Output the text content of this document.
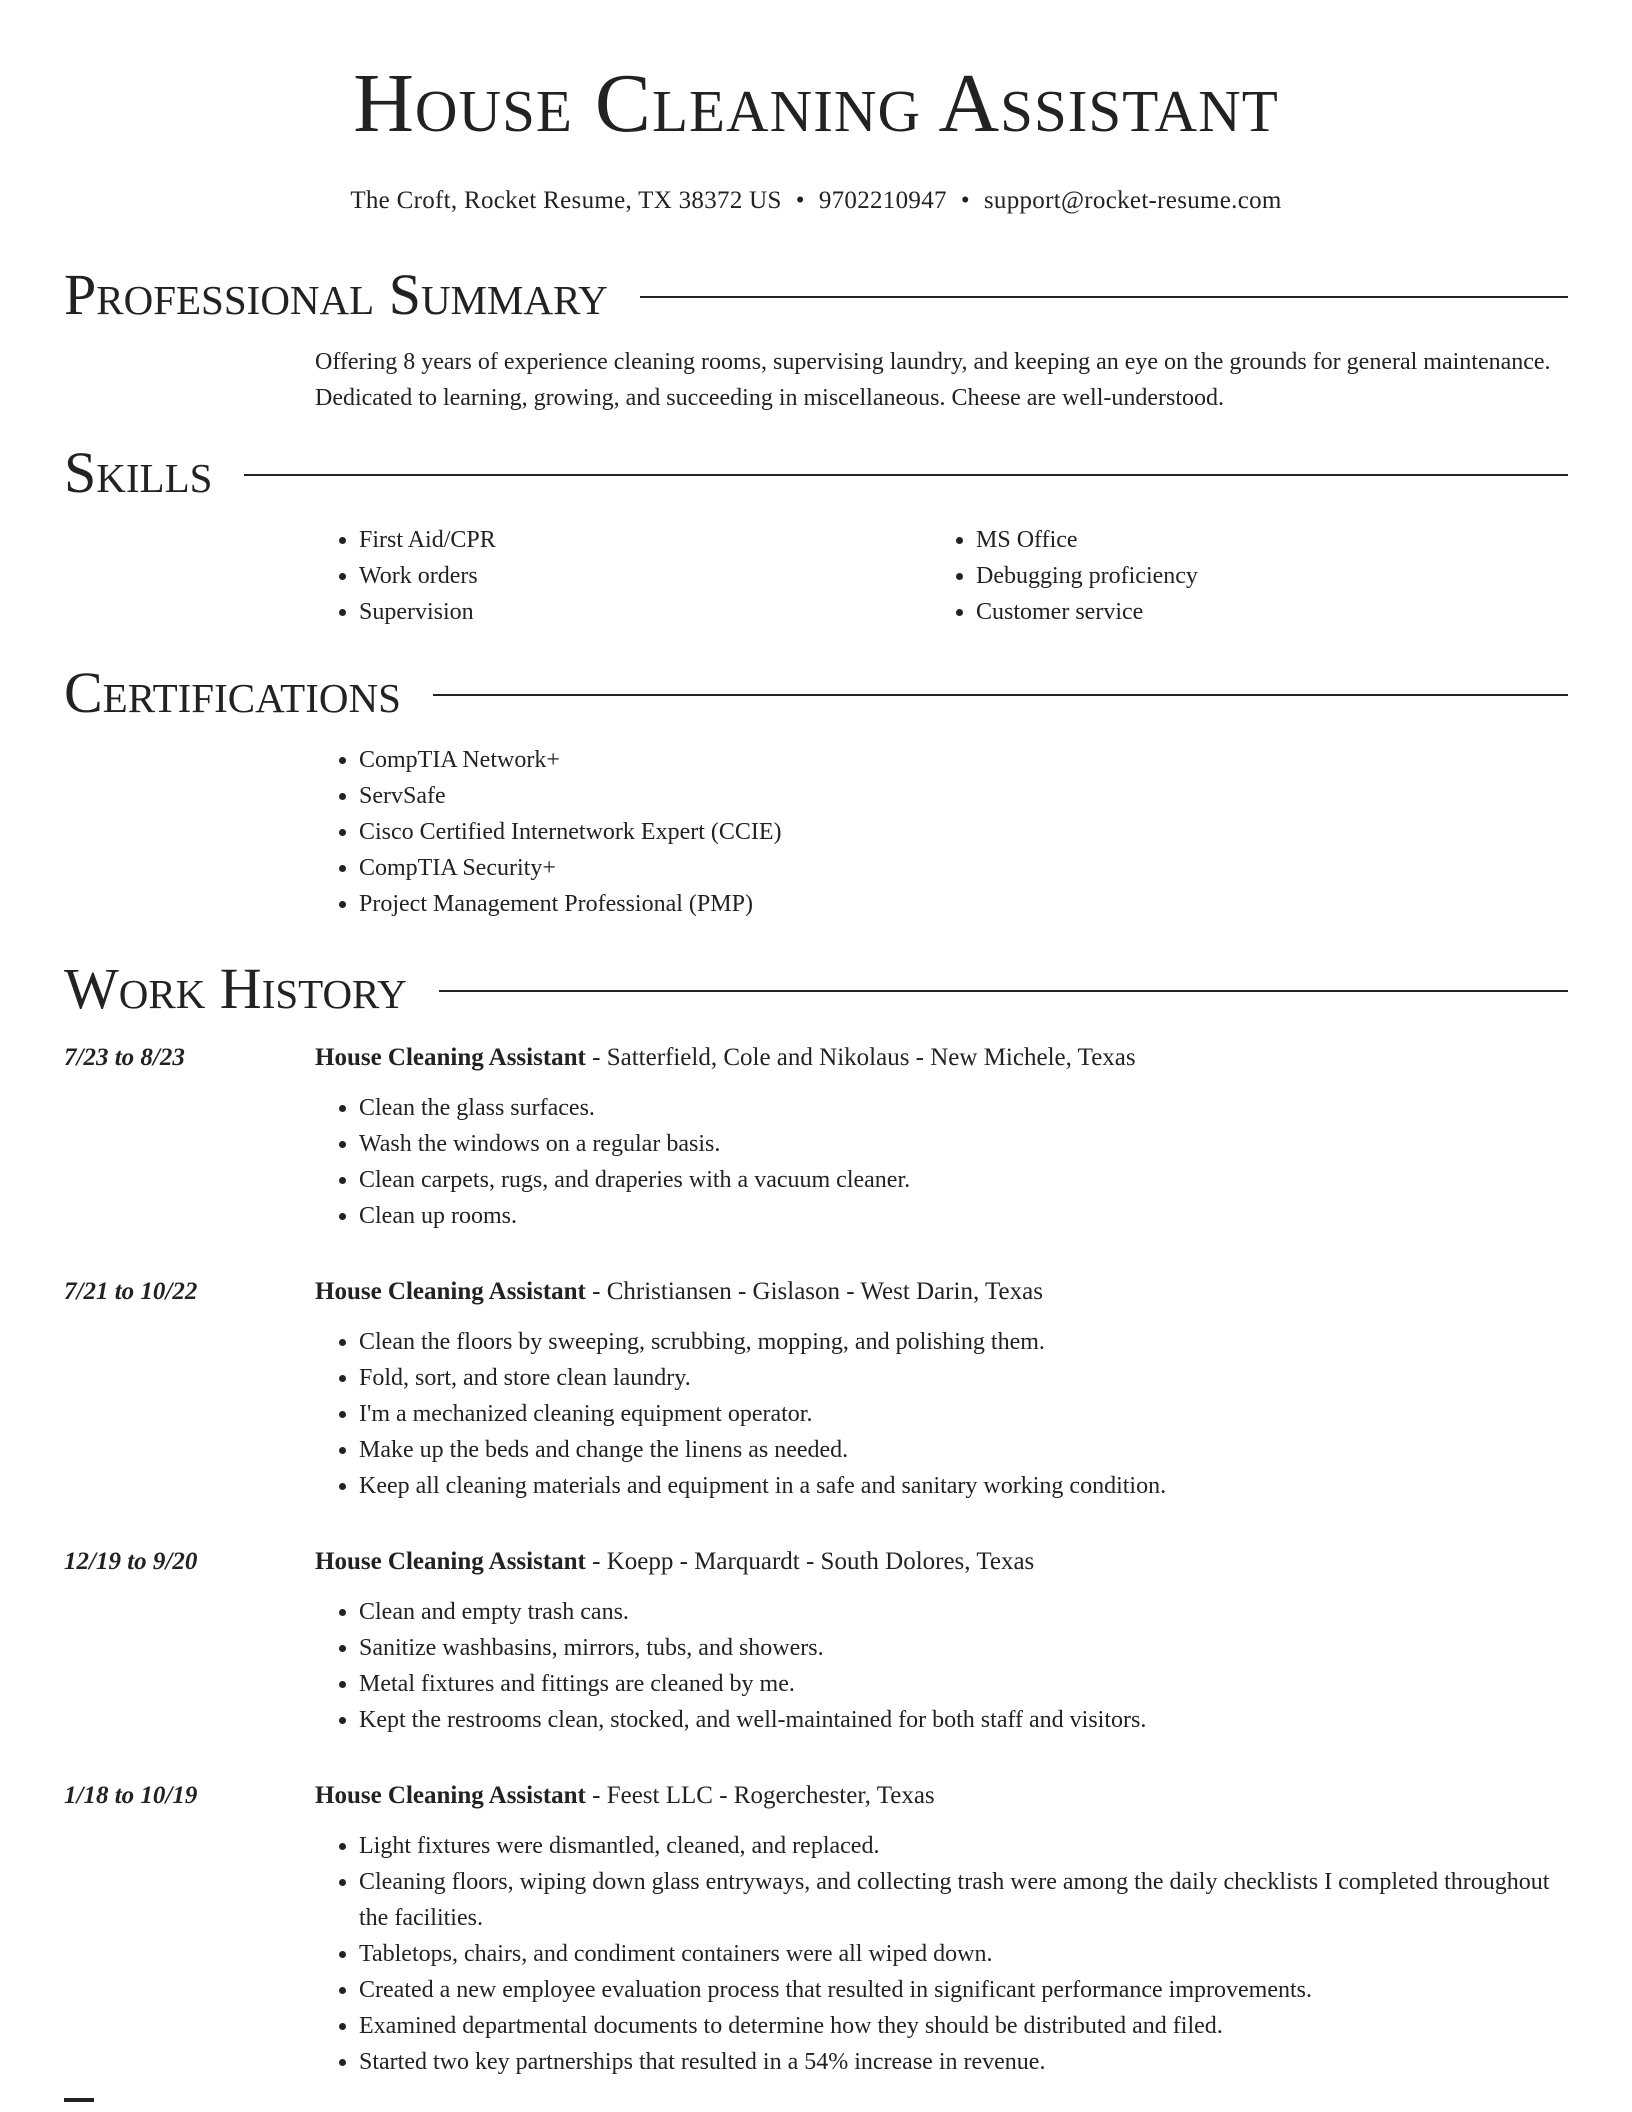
House Cleaning Assistant
The Croft, Rocket Resume, TX 38372 US • 9702210947 • support@rocket-resume.com
Professional Summary
Offering 8 years of experience cleaning rooms, supervising laundry, and keeping an eye on the grounds for general maintenance. Dedicated to learning, growing, and succeeding in miscellaneous. Cheese are well-understood.
Skills
• First Aid/CPR
• Work orders
• Supervision
• MS Office
• Debugging proficiency
• Customer service
Certifications
• CompTIA Network+
• ServSafe
• Cisco Certified Internetwork Expert (CCIE)
• CompTIA Security+
• Project Management Professional (PMP)
Work History
7/23 to 8/23	House Cleaning Assistant - Satterfield, Cole and Nikolaus - New Michele, Texas
• Clean the glass surfaces.
• Wash the windows on a regular basis.
• Clean carpets, rugs, and draperies with a vacuum cleaner.
• Clean up rooms.
7/21 to 10/22	House Cleaning Assistant - Christiansen - Gislason - West Darin, Texas
• Clean the floors by sweeping, scrubbing, mopping, and polishing them.
• Fold, sort, and store clean laundry.
• I'm a mechanized cleaning equipment operator.
• Make up the beds and change the linens as needed.
• Keep all cleaning materials and equipment in a safe and sanitary working condition.
12/19 to 9/20	House Cleaning Assistant - Koepp - Marquardt - South Dolores, Texas
• Clean and empty trash cans.
• Sanitize washbasins, mirrors, tubs, and showers.
• Metal fixtures and fittings are cleaned by me.
• Kept the restrooms clean, stocked, and well-maintained for both staff and visitors.
1/18 to 10/19	House Cleaning Assistant - Feest LLC - Rogerchester, Texas
• Light fixtures were dismantled, cleaned, and replaced.
• Cleaning floors, wiping down glass entryways, and collecting trash were among the daily checklists I completed throughout the facilities.
• Tabletops, chairs, and condiment containers were all wiped down.
• Created a new employee evaluation process that resulted in significant performance improvements.
• Examined departmental documents to determine how they should be distributed and filed.
• Started two key partnerships that resulted in a 54% increase in revenue.
